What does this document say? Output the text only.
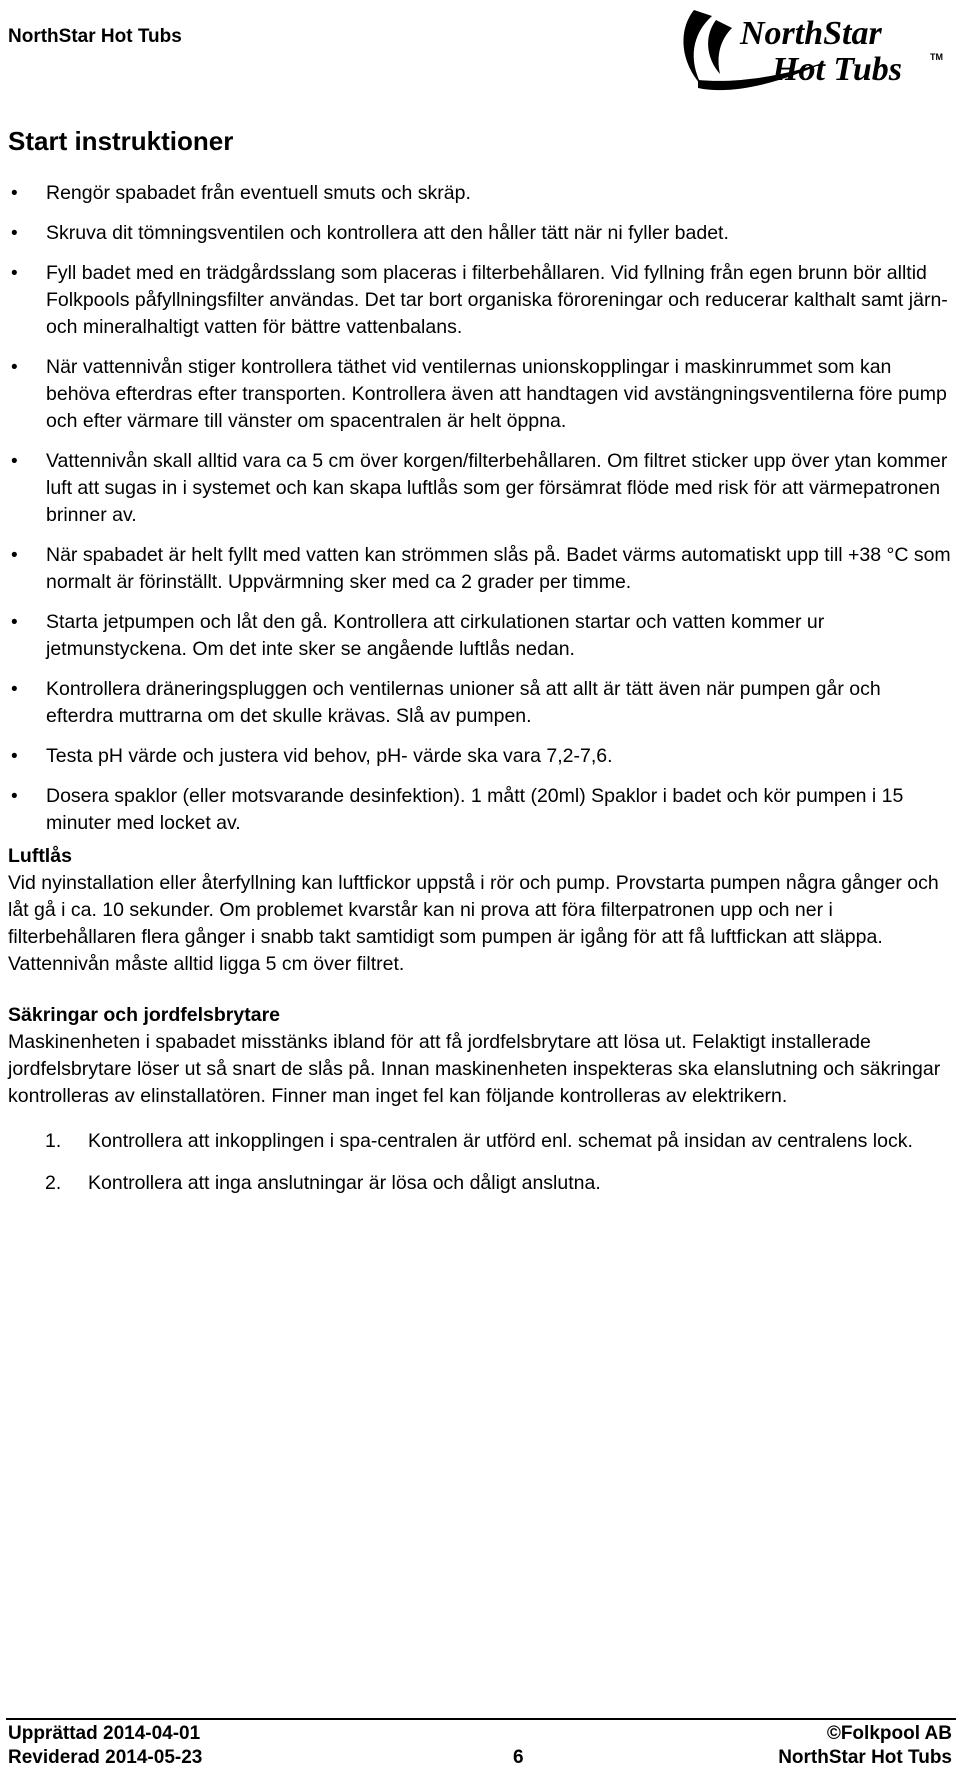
NorthStar Hot Tubs	NorthStar
Hot Tubs	TM
Start instruktioner
• Rengör spabadet från eventuell smuts och skräp.
• Skruva dit tömningsventilen och kontrollera att den håller tätt när ni fyller badet.
• Fyll badet med en trädgårdsslang som placeras i filterbehållaren. Vid fyllning från egen brunn bör alltid Folkpools påfyllningsfilter användas. Det tar bort organiska föroreningar och reducerar kalthalt samt järn- och mineralhaltigt vatten för bättre vattenbalans.
• När vattennivån stiger kontrollera täthet vid ventilernas unionskopplingar i maskinrummet som kan behöva efterdras efter transporten. Kontrollera även att handtagen vid avstängningsventilerna före pump och efter värmare till vänster om spacentralen är helt öppna.
• Vattennivån skall alltid vara ca 5 cm över korgen/filterbehållaren. Om filtret sticker upp över ytan kommer luft att sugas in i systemet och kan skapa luftlås som ger försämrat flöde med risk för att värmepatronen brinner av.
• När spabadet är helt fyllt med vatten kan strömmen slås på. Badet värms automatiskt upp till +38 °C som normalt är förinställt. Uppvärmning sker med ca 2 grader per timme.
• Starta jetpumpen och låt den gå. Kontrollera att cirkulationen startar och vatten kommer ur jetmunstyckena. Om det inte sker se angående luftlås nedan.
• Kontrollera dräneringspluggen och ventilernas unioner så att allt är tätt även när pumpen går och efterdra muttrarna om det skulle krävas. Slå av pumpen.
• Testa pH värde och justera vid behov, pH- värde ska vara 7,2-7,6.
• Dosera spaklor (eller motsvarande desinfektion). 1 mått (20ml) Spaklor i badet och kör pumpen i 15 minuter med locket av.
Luftlås

Vid nyinstallation eller återfyllning kan luftfickor uppstå i rör och pump. Provstarta pumpen några gånger och låt gå i ca. 10 sekunder. Om problemet kvarstår kan ni prova att föra filterpatronen upp och ner i filterbehållaren flera gånger i snabb takt samtidigt som pumpen är igång för att få luftfickan att släppa.

Vattennivån måste alltid ligga 5 cm över filtret.

Säkringar och jordfelsbrytare

Maskinenheten i spabadet misstänks ibland för att få jordfelsbrytare att lösa ut. Felaktigt installerade jordfelsbrytare löser ut så snart de slås på. Innan maskinenheten inspekteras ska elanslutning och säkringar kontrolleras av elinstallatören. Finner man inget fel kan följande kontrolleras av elektrikern.

1. Kontrollera att inkopplingen i spa-centralen är utförd enl. schemat på insidan av centralens lock.
2. Kontrollera att inga anslutningar är lösa och dåligt anslutna.
Upprättad 2014-04-01	©Folkpool AB
Reviderad 2014-05-23	6	NorthStar Hot Tubs
